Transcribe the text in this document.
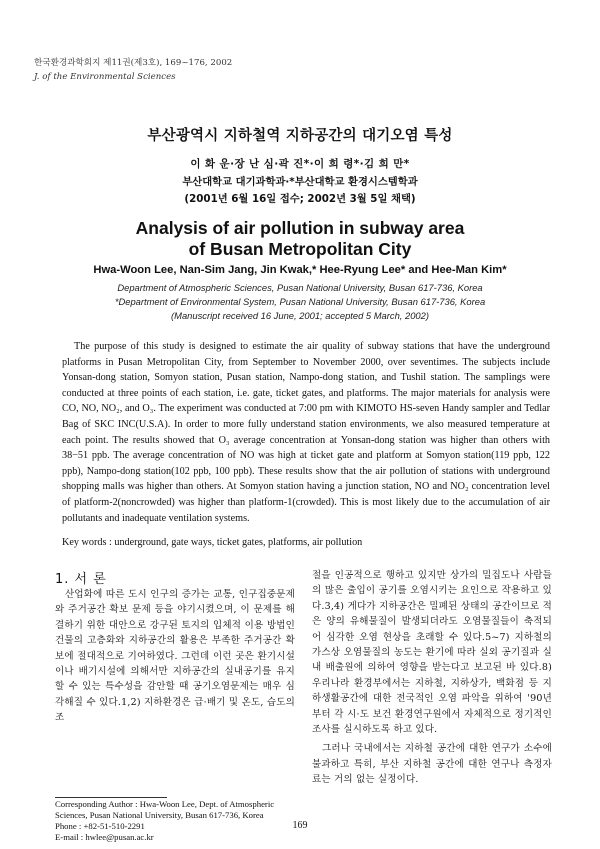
한국환경과학회지 제11권(제3호), 169~176, 2002
J. of the Environmental Sciences
부산광역시 지하철역 지하공간의 대기오염 특성
이 화 운·장 난 심·곽 진*·이 희 령*·김 희 만*
부산대학교 대기과학과·*부산대학교 환경시스템학과
(2001년 6월 16일 접수; 2002년 3월 5일 채택)
Analysis of air pollution in subway area
of Busan Metropolitan City
Hwa-Woon Lee, Nan-Sim Jang, Jin Kwak,* Hee-Ryung Lee* and Hee-Man Kim*
Department of Atmospheric Sciences, Pusan National University, Busan 617-736, Korea
*Department of Environmental System, Pusan National University, Busan 617-736, Korea
(Manuscript received 16 June, 2001; accepted 5 March, 2002)
The purpose of this study is designed to estimate the air quality of subway stations that have the underground platforms in Pusan Metropolitan City, from September to November 2000, over seventimes. The subjects include Yonsan-dong station, Somyon station, Pusan station, Nampo-dong station, and Tushil station. The samplings were conducted at three points of each station, i.e. gate, ticket gates, and platforms. The major materials for analysis were CO, NO, NO₂, and O₃. The experiment was conducted at 7:00 pm with KIMOTO HS-seven Handy sampler and Tedlar Bag of SKC INC(U.S.A). In order to more fully understand station environments, we also measured temperature at each point. The results showed that O₃ average concentration at Yonsan-dong station was higher than others with 38−51 ppb. The average concentration of NO was high at ticket gate and platform at Somyon station(119 ppb, 122 ppb), Nampo-dong station(102 ppb, 100 ppb). These results show that the air pollution of stations with underground shopping malls was higher than others. At Somyon station having a junction station, NO and NO₂ concentration level of platform-2(noncrowded) was higher than platform-1(crowded). This is most likely due to the accumulation of air pollutants and inadequate ventilation systems.
Key words : underground, gate ways, ticket gates, platforms, air pollution
1. 서 론
산업화에 따른 도시 인구의 증가는 교통, 인구집중문제와 주거공간 확보 문제 등을 야기시켰으며, 이 문제를 해결하기 위한 대안으로 강구된 토지의 입체적 이용 방법인 건물의 고층화와 지하공간의 활용은 부족한 주거공간 확보에 절대적으로 기여하였다. 그런데 이런 곳은 환기시설이나 배기시설에 의해서만 지하공간의 실내공기를 유지할 수 있는 특수성을 감안할 때 공기오염문제는 매우 심각해질 수 있다.1,2) 지하환경은 급·배기 및 온도, 습도의 조

절을 인공적으로 행하고 있지만 상가의 밀집도나 사람들의 많은 출입이 공기를 오염시키는 요인으로 작용하고 있다.3,4) 게다가 지하공간은 밀폐된 상태의 공간이므로 적은 양의 유해물질이 발생되더라도 오염물질들이 축적되어 심각한 오염 현상을 초래할 수 있다.5~7) 지하철의 가스상 오염물질의 농도는 환기에 따라 실외 공기질과 실내 배출원에 의하여 영향을 받는다고 보고된 바 있다.8) 우리나라 환경부에서는 지하철, 지하상가, 백화점 등 지하생활공간에 대한 전국적인 오염 파악을 위하여 '90년부터 각 시·도 보건 환경연구원에서 자체적으로 정기적인 조사를 실시하도록 하고 있다.

그러나 국내에서는 지하철 공간에 대한 연구가 소수에 불과하고 특히, 부산 지하철 공간에 대한 연구나 측정자료는 거의 없는 실정이다.

Corresponding Author : Hwa-Woon Lee, Dept. of Atmospheric Sciences, Pusan National University, Busan 617-736, Korea
Phone : +82-51-510-2291
E-mail : hwlee@pusan.ac.kr
169
